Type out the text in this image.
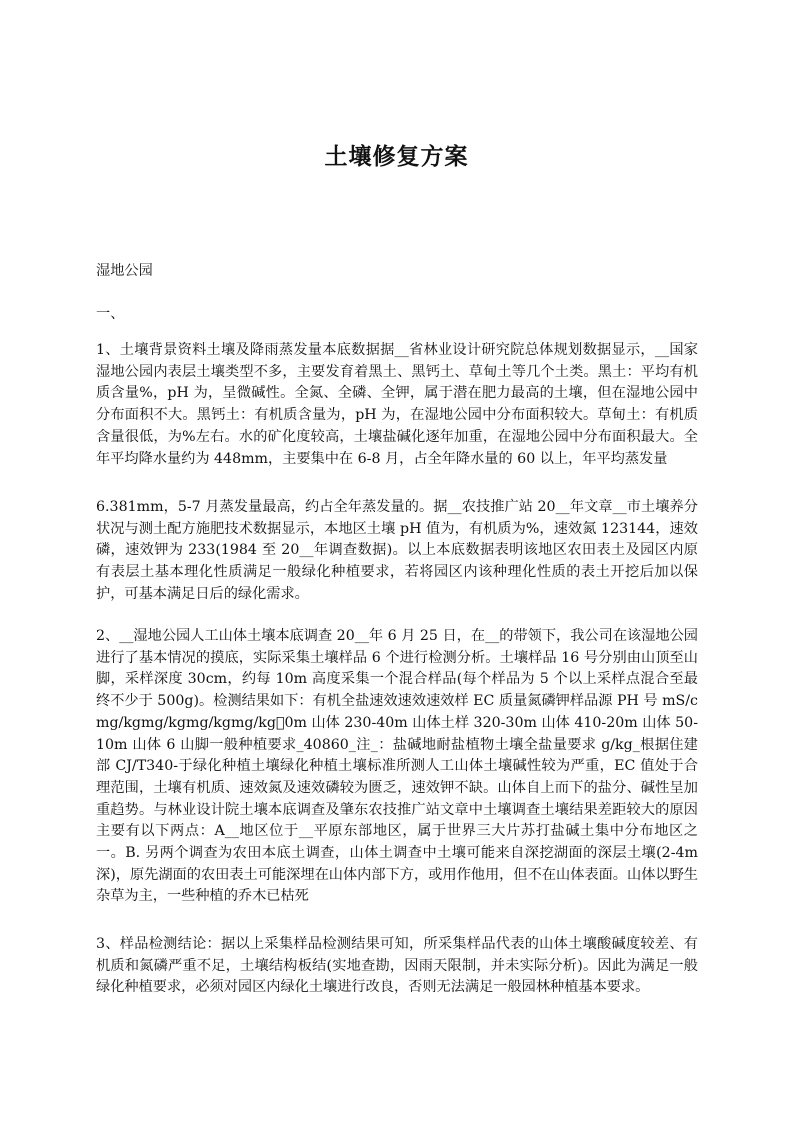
土壤修复方案

湿地公园

一、

1、土壤背景资料土壤及降雨蒸发量本底数据据__省林业设计研究院总体规划数据显示，__国家湿地公园内表层土壤类型不多，主要发育着黑土、黑钙土、草甸土等几个土类。黑土：平均有机质含量%，pH 为，呈微碱性。全氮、全磷、全钾，属于潜在肥力最高的土壤，但在湿地公园中分布面积不大。黑钙土：有机质含量为，pH 为，在湿地公园中分布面积较大。草甸土：有机质含量很低，为%左右。水的矿化度较高，土壤盐碱化逐年加重，在湿地公园中分布面积最大。全年平均降水量约为 448mm，主要集中在 6-8 月，占全年降水量的 60 以上，年平均蒸发量

6.381mm，5-7 月蒸发量最高，约占全年蒸发量的。据__农技推广站 20__年文章__市土壤养分状况与测土配方施肥技术数据显示，本地区土壤 pH 值为，有机质为%，速效氮 123144，速效磷，速效钾为 233(1984 至 20__年调查数据)。以上本底数据表明该地区农田表土及园区内原有表层土基本理化性质满足一般绿化种植要求，若将园区内该种理化性质的表土开挖后加以保护，可基本满足日后的绿化需求。

2、__湿地公园人工山体土壤本底调查 20__年 6 月 25 日，在__的带领下，我公司在该湿地公园进行了基本情况的摸底，实际采集土壤样品 6 个进行检测分析。土壤样品 16 号分别由山顶至山脚，采样深度 30cm，约每 10m 高度采集一个混合样品(每个样品为 5 个以上采样点混合至最终不少于 500g)。检测结果如下：有机全盐速效速效速效样 EC 质量氮磷钾样品源 PH 号 mS/cmg/kgmg/kgmg/kgmg/kg 0m 山体 230-40m 山体土样 320-30m 山体 410-20m 山体 50-10m 山体 6 山脚一般种植要求_40860_注_：盐碱地耐盐植物土壤全盐量要求 g/kg_根据住建部 CJ/T340-于绿化种植土壤绿化种植土壤标准所测人工山体土壤碱性较为严重，EC 值处于合理范围，土壤有机质、速效氮及速效磷较为匮乏，速效钾不缺。山体自上而下的盐分、碱性呈加重趋势。与林业设计院土壤本底调查及肇东农技推广站文章中土壤调查土壤结果差距较大的原因主要有以下两点：A__地区位于__平原东部地区，属于世界三大片苏打盐碱土集中分布地区之一。B. 另两个调查为农田本底土调查，山体土调查中土壤可能来自深挖湖面的深层土壤(2-4m 深)，原先湖面的农田表土可能深埋在山体内部下方，或用作他用，但不在山体表面。山体以野生杂草为主，一些种植的乔木已枯死

3、样品检测结论：据以上采集样品检测结果可知，所采集样品代表的山体土壤酸碱度较差、有机质和氮磷严重不足，土壤结构板结(实地查勘，因雨天限制，并未实际分析)。因此为满足一般绿化种植要求，必须对园区内绿化土壤进行改良，否则无法满足一般园林种植基本要求。
